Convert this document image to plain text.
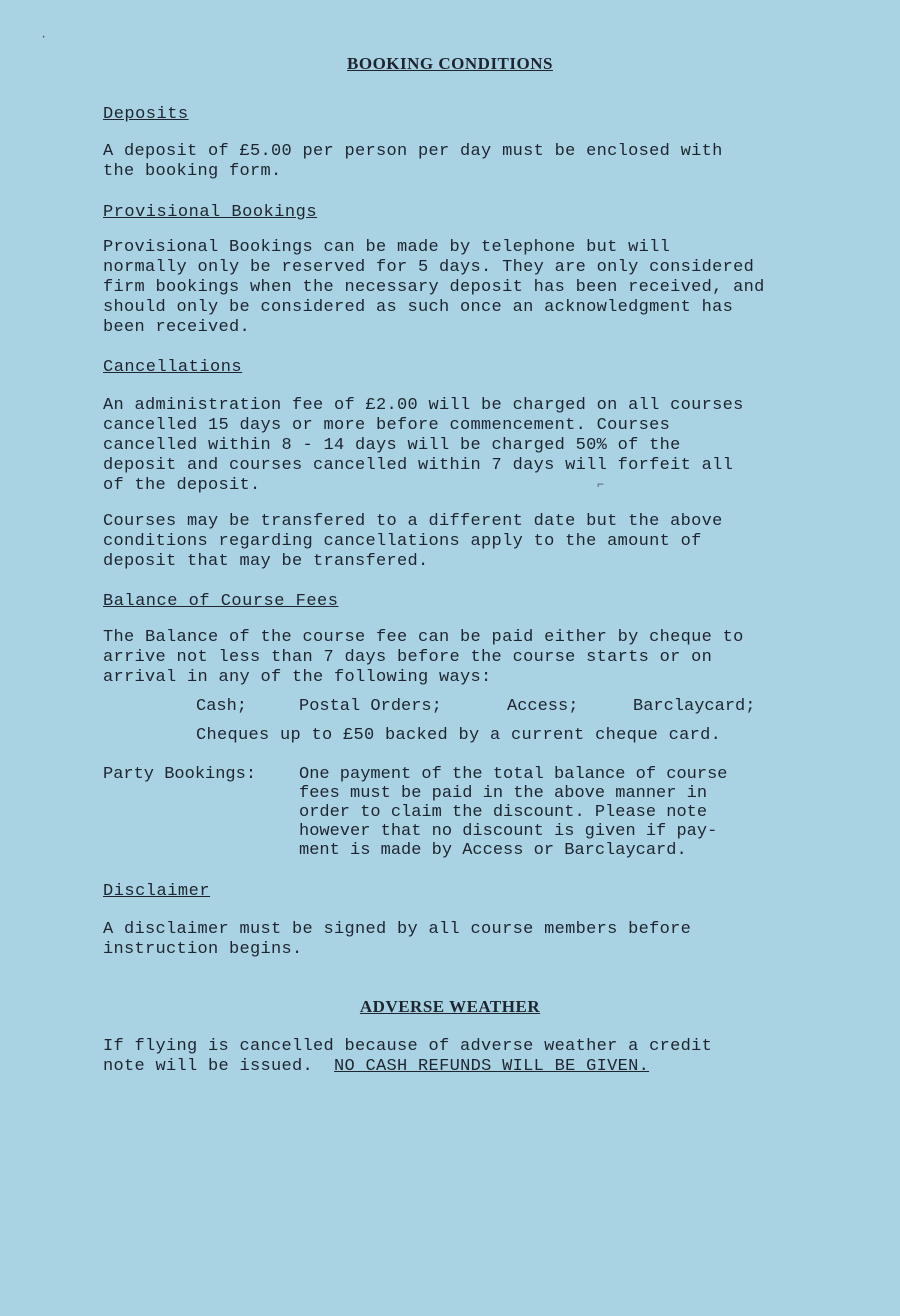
BOOKING CONDITIONS
Deposits

A deposit of £5.00 per person per day must be enclosed with

the booking form.

Provisional Bookings

Provisional Bookings can be made by telephone but will

normally only be reserved for 5 days. They are only considered

firm bookings when the necessary deposit has been received, and

should only be considered as such once an acknowledgment has

been received.

Cancellations

An administration fee of £2.00 will be charged on all courses

cancelled 15 days or more before commencement. Courses

cancelled within 8 - 14 days will be charged 50% of the

deposit and courses cancelled within 7 days will forfeit all

of the deposit.

Courses may be transfered to a different date but the above

conditions regarding cancellations apply to the amount of

deposit that may be transfered.

Balance of Course Fees

The Balance of the course fee can be paid either by cheque to

arrive not less than 7 days before the course starts or on

arrival in any of the following ways:

Cash;	Postal Orders;	Access;	Barclaycard;
Cheques up to £50 backed by a current cheque card.
Party Bookings:	One payment of the total balance of course

fees must be paid in the above manner in

order to claim the discount. Please note

however that no discount is given if pay-

ment is made by Access or Barclaycard.

Disclaimer

A disclaimer must be signed by all course members before

instruction begins.

ADVERSE WEATHER

If flying is cancelled because of adverse weather a credit

note will be issued.  NO CASH REFUNDS WILL BE GIVEN.

·
⌐
